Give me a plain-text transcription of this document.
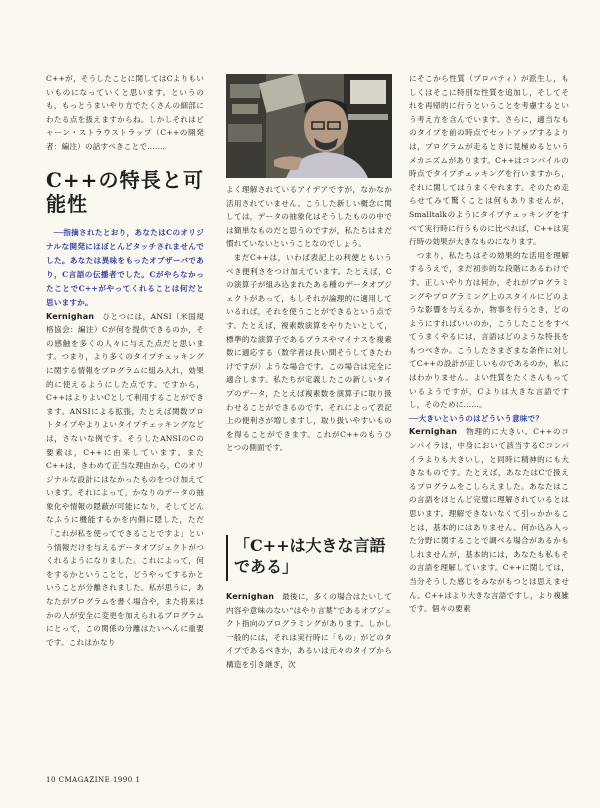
C++が，そうしたことに関してはCよりもいいものになっていくと思います。というのも，もっとうまいやり方でたくさんの細部にわたる点を扱えますからね。しかしそれはビャーン・ストラウストラップ（C++の開発者：編注）の話すべきことで……。

C++の特長と可能性

──指摘されたとおり，あなたはCのオリジナルな開発にほぼとんどタッチされませんでした。あなたは異味をもったオブザーバであり，C言語の伝播者でした。CがやらなかったことでC++がやってくれることは何だと思いますか。

Kernighan　 ひとつには，ANSI（米国規格協会：編注）Cが何を提供できるのか，その感触を多くの人々に与えた点だと思います。つまり，より多くのタイプチェッキングに関する情報をプログラムに組み入れ，効果的に使えるようにした点です。ですから，C++はよりよいCとして利用することができます。ANSIによる拡張，たとえば関数プロトタイプやよりよいタイプチェッキングなどは，さないな例です。そうしたANSIのCの要素は，C++に由来しています。またC++は，きわめて正当な理由から，Cのオリジナルな設計にはなかったものをつけ加えています。それによって，かなりのデータの抽象化や情報の隠蔽が可能になり，そしてどんなふうに機能するかを内側に隠した，ただ「これが私を使ってできることですよ」という情報だけを与えるデータオブジェクトがつくれるようになりました。これによって，何をするかということと，どうやってするかということが分離されました。私が思うに，あなたがプログラムを書く場合や，また将来ほかの人が安全に変更を加えられるプログラムにとって，この関係の分離はたいへんに重要です。これはかなり

よく理解されているアイデアですが，なかなか活用されていません。こうした新しい概念に関しては，データの抽象化はそうしたものの中では簡単なものだと思うのですが，私たちはまだ慣れていないということなのでしょう。

まだC++は，いわば表記上の利便ともいうべき便利さをつけ加えています。たとえば，Cの演算子が組み込まれたある種のデータオブジェクトがあって，もしそれが論理的に適用しているれば，それを使うことができるという点です。たとえば，複素数演算をやりたいとして，標準的な演算子であるプラスやマイナスを複素数に適応する（数学者は長い間そうしてきたわけですが）ような場合です。この場合は完全に適合します。私たちが定義したこの新しいタイプのデータ，たとえば複素数を演算子に取り扱わせることができるのです。それによって表記上の便利さが増しますし，取り扱いやすいものを得ることができます。これがC++のもうひとつの側面です。

「C++は大きな言語である」

Kernighan　 最後に，多くの場合はたいして内容や意味のない“はやり言葉”であるオブジェクト指向のプログラミングがあります。しかし一般的には，それは実行時に「もの」がどのタイプであるべきか，あるいは元々のタイプから構造を引き継ぎ，次

にそこから性質（プロパティ）が派生し，もしくはそこに特別な性質を追加し，そしてそれを再帰的に行うということを考慮するという考え方を含んでいます。さらに，適当なものタイプを前の時点でセットアップするよりは，プログラムが走るときに見極めるというメカニズムがあります。C++はコンパイルの時点でタイプチェッキングを行いますから，それに関してはうまくやれます。そのため走らせてみて驚くことは何もありませんが，Smalltalkのようにタイプチェッキングをすべて実行時に行うものに比べれば，C++は実行時の効果が大きなものになります。

つまり，私たちはその効果的な活用を理解するうえで，まだ初歩的な段階にあるわけです。正しいやり方は何か，それがプログラミングやプログラミング上のスタイルにどのような影響を与えるか，物事を行うとき，どのようにすればいいのか，こうしたことをすべてうまくやるには，言語はどのような特長をもつべきか。こうしたさまざまな条件に対してC++の設計が正しいものであるのか，私にはわかりません。よい性質をたくさんもっているようですが，Cよりは大きな言語ですし，そのために……。

──大きいというのはどういう意味で？

Kernighan　 物理的に大きい。C++のコンパイラは，中身において該当するCコンパイラよりも大きいし，と同時に精神的にも大きなものです。たとえば，あなたはCで扱えるプログラムをこしらえました。あなたはこの言語をほとんど完璧に理解されているとは思います。理解できないなくて引っかかることは，基本的にはありません。何か込み入った分野に関することで調べる場合があるかもしれませんが，基本的には，あなたも私もその言語を理解しています。C++に関しては，当分そうした感じをみながもつとは思えません。C++はより大きな言語ですし，より複雑です。個々の要素

10 CMAGAZINE 1990 1
